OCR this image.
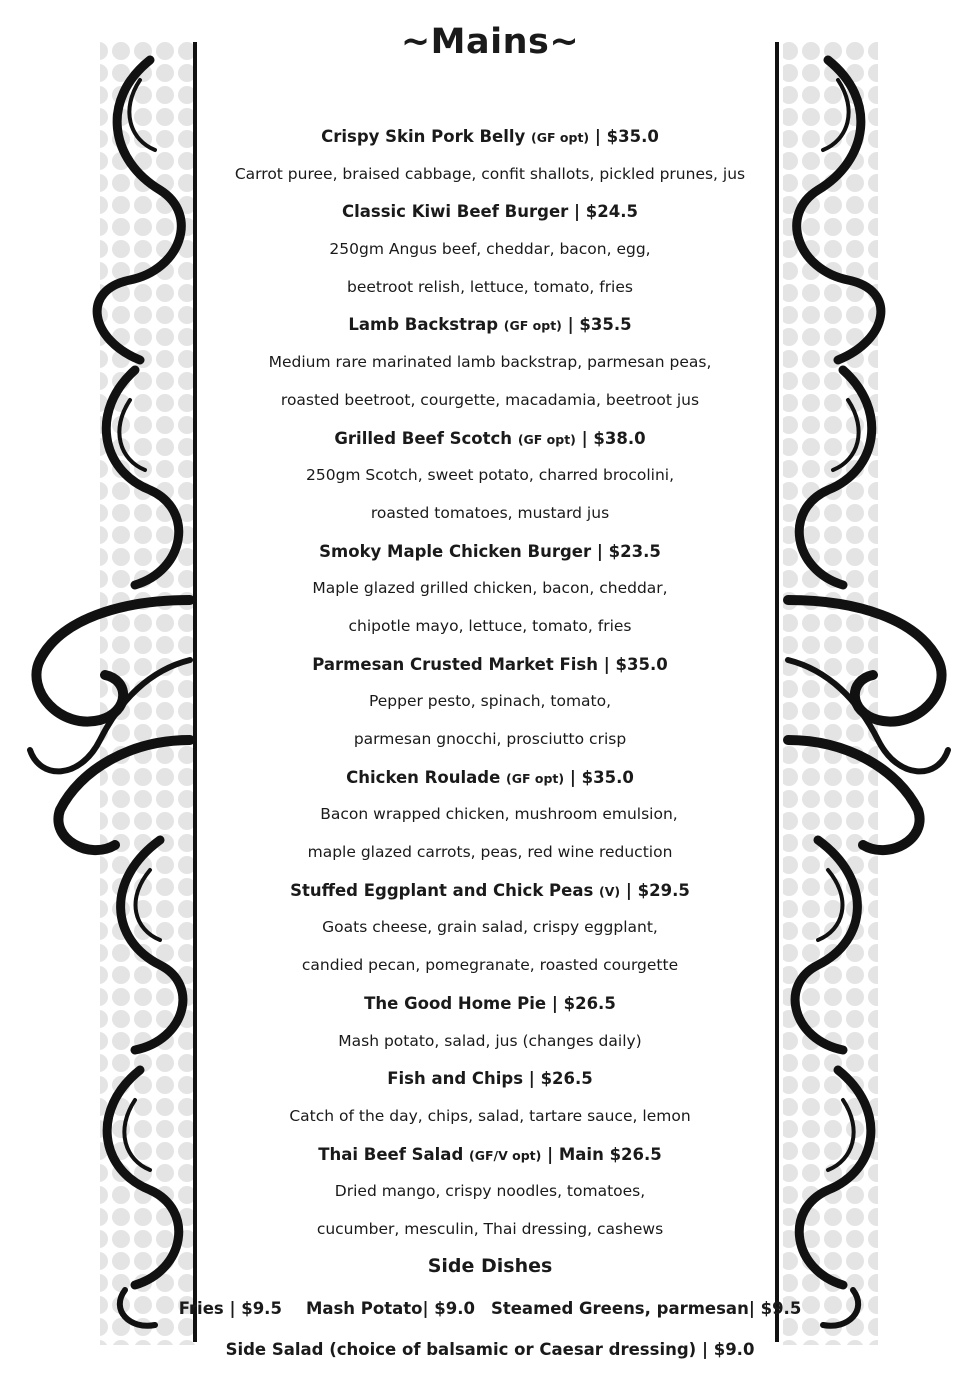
~Mains~
Crispy Skin Pork Belly (GF opt) | $35.0
Carrot puree, braised cabbage, confit shallots, pickled prunes, jus
Classic Kiwi Beef Burger | $24.5
250gm Angus beef, cheddar, bacon, egg,
beetroot relish, lettuce, tomato, fries
Lamb Backstrap (GF opt) | $35.5
Medium rare marinated lamb backstrap, parmesan peas,
roasted beetroot, courgette, macadamia, beetroot jus
Grilled Beef Scotch (GF opt) | $38.0
250gm Scotch, sweet potato, charred brocolini,
roasted tomatoes, mustard jus
Smoky Maple Chicken Burger | $23.5
Maple glazed grilled chicken, bacon, cheddar,
chipotle mayo, lettuce, tomato, fries
Parmesan Crusted Market Fish | $35.0
Pepper pesto, spinach, tomato,
parmesan gnocchi, prosciutto crisp
Chicken Roulade (GF opt) | $35.0
Bacon wrapped chicken, mushroom emulsion,
maple glazed carrots, peas, red wine reduction
Stuffed Eggplant and Chick Peas (V) | $29.5
Goats cheese, grain salad, crispy eggplant,
candied pecan, pomegranate, roasted courgette
The Good Home Pie | $26.5
Mash potato, salad, jus (changes daily)
Fish and Chips | $26.5
Catch of the day, chips, salad, tartare sauce, lemon
Thai Beef Salad (GF/V opt) | Main $26.5
Dried mango, crispy noodles, tomatoes,
cucumber, mesculin, Thai dressing, cashews
Side Dishes
Fries | $9.5 Mash Potato| $9.0 Steamed Greens, parmesan| $9.5
Side Salad (choice of balsamic or Caesar dressing) | $9.0
